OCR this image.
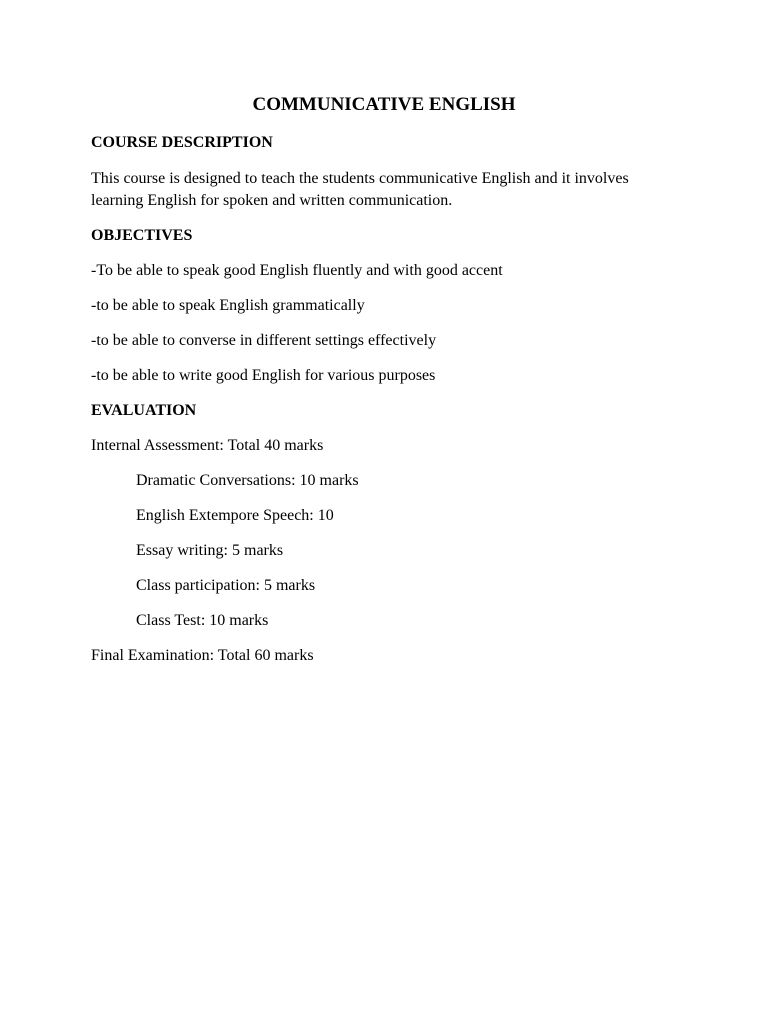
COMMUNICATIVE ENGLISH
COURSE DESCRIPTION

This course is designed to teach the students communicative English and it involves learning English for spoken and written communication.

OBJECTIVES

-To be able to speak good English fluently and with good accent

-to be able to speak English grammatically

-to be able to converse in different settings effectively

-to be able to write good English for various purposes

EVALUATION

Internal Assessment: Total 40 marks

Dramatic Conversations: 10 marks

English Extempore Speech: 10

Essay writing: 5 marks

Class participation: 5 marks

Class Test: 10 marks

Final Examination: Total 60 marks
